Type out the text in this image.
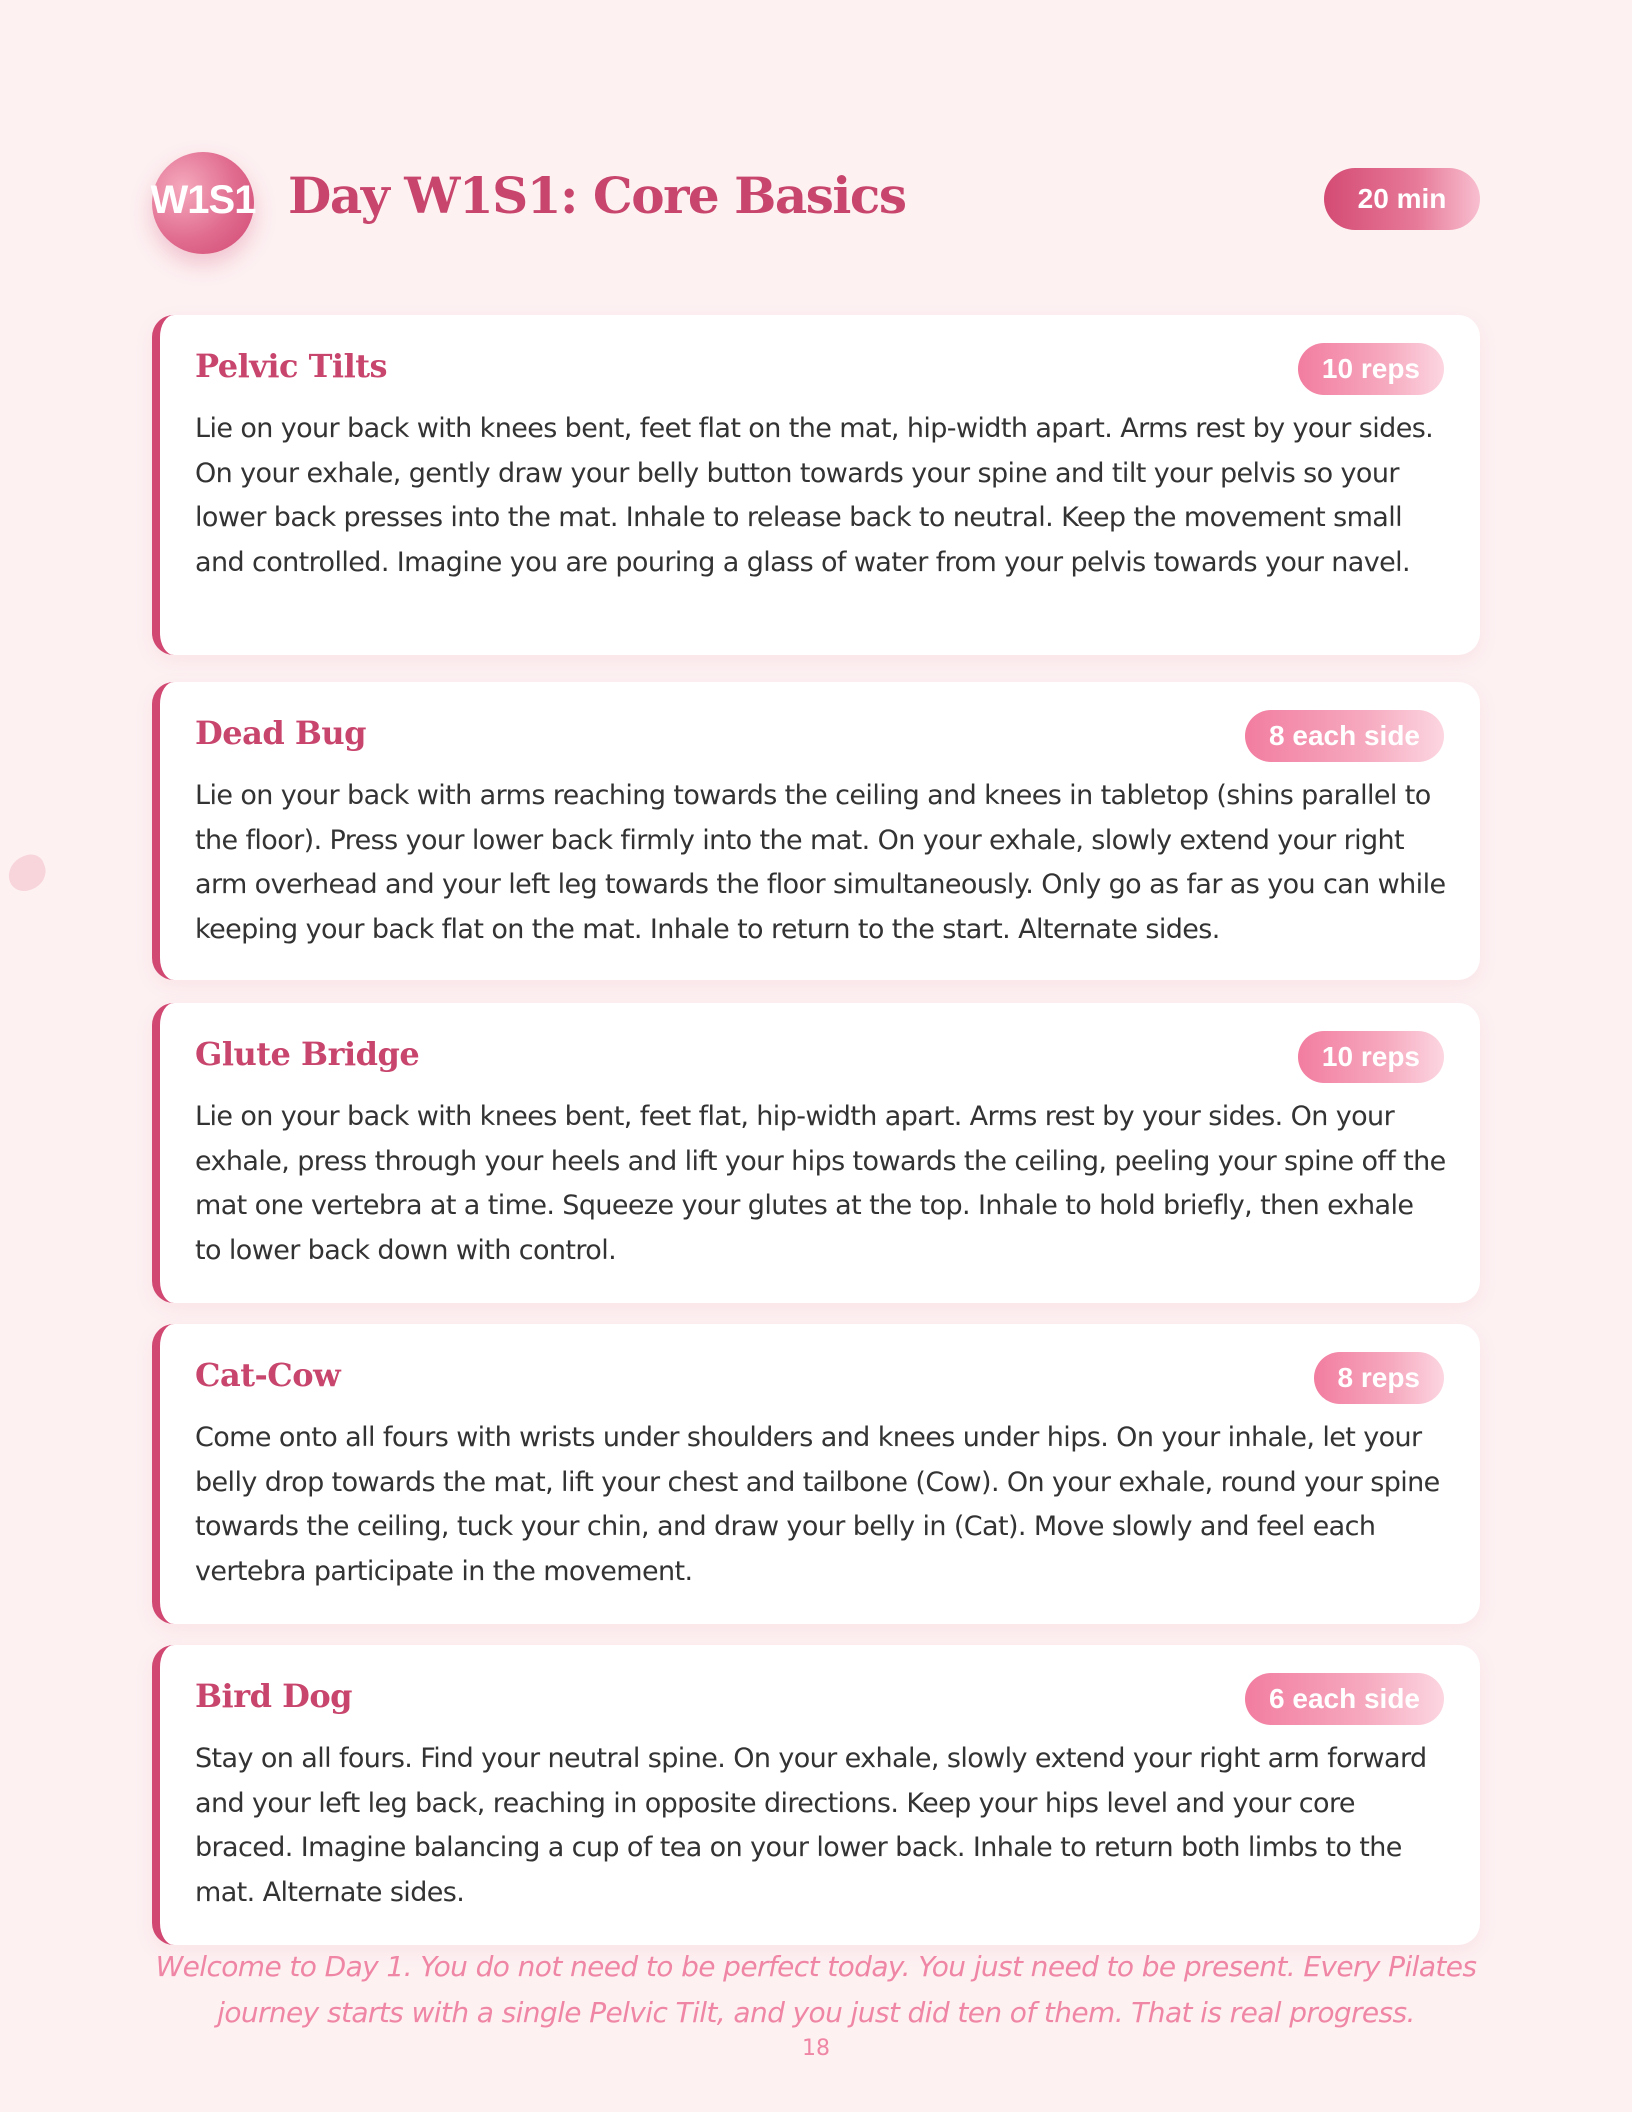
W1S1 Day W1S1: Core Basics	20 min
Pelvic Tilts	10 reps

Lie on your back with knees bent, feet flat on the mat, hip-width apart. Arms rest by your sides. On your exhale, gently draw your belly button towards your spine and tilt your pelvis so your lower back presses into the mat. Inhale to release back to neutral. Keep the movement small and controlled. Imagine you are pouring a glass of water from your pelvis towards your navel.

Dead Bug	8 each side

Lie on your back with arms reaching towards the ceiling and knees in tabletop (shins parallel to the floor). Press your lower back firmly into the mat. On your exhale, slowly extend your right arm overhead and your left leg towards the floor simultaneously. Only go as far as you can while keeping your back flat on the mat. Inhale to return to the start. Alternate sides.

Glute Bridge	10 reps

Lie on your back with knees bent, feet flat, hip-width apart. Arms rest by your sides. On your exhale, press through your heels and lift your hips towards the ceiling, peeling your spine off the mat one vertebra at a time. Squeeze your glutes at the top. Inhale to hold briefly, then exhale to lower back down with control.

Cat-Cow	8 reps

Come onto all fours with wrists under shoulders and knees under hips. On your inhale, let your belly drop towards the mat, lift your chest and tailbone (Cow). On your exhale, round your spine towards the ceiling, tuck your chin, and draw your belly in (Cat). Move slowly and feel each vertebra participate in the movement.

Bird Dog	6 each side

Stay on all fours. Find your neutral spine. On your exhale, slowly extend your right arm forward and your left leg back, reaching in opposite directions. Keep your hips level and your core braced. Imagine balancing a cup of tea on your lower back. Inhale to return both limbs to the mat. Alternate sides.

Welcome to Day 1. You do not need to be perfect today. You just need to be present. Every Pilates journey starts with a single Pelvic Tilt, and you just did ten of them. That is real progress.
18
